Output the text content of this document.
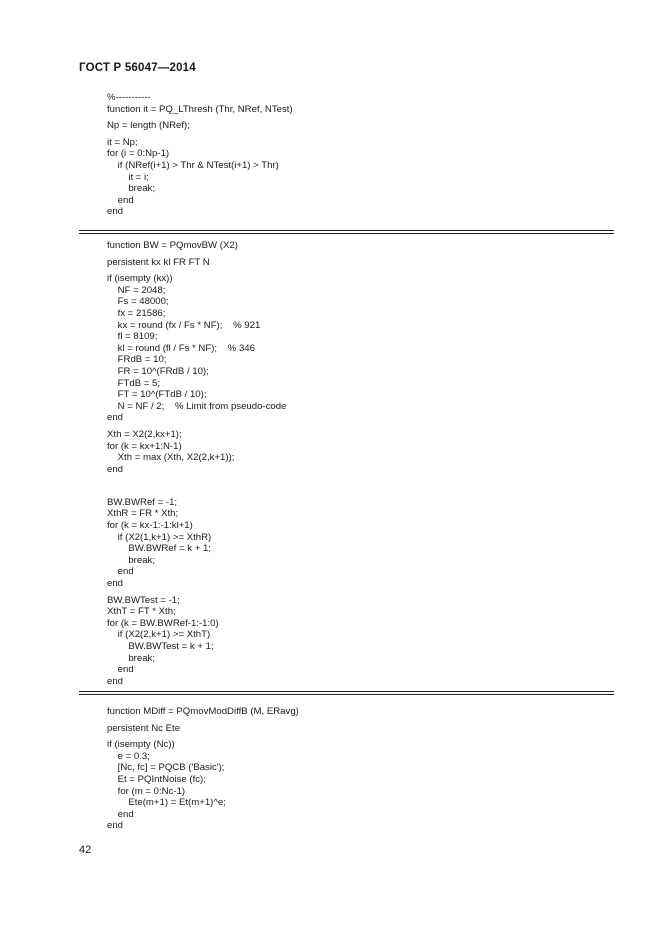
ГОСТ Р 56047—2014
%-----------
function it = PQ_LThresh (Thr, NRef, NTest)
Np = length (NRef);
it = Np;
for (i = 0:Np-1)
if (NRef(i+1) > Thr & NTest(i+1) > Thr)
it = i;
break;
end
end
function BW = PQmovBW (X2)
persistent kx kl FR FT N
if (isempty (kx))
NF = 2048;
Fs = 48000;
fx = 21586;
kx = round (fx / Fs * NF);    % 921
fl = 8109;
kl = round (fl / Fs * NF);    % 346
FRdB = 10;
FR = 10^(FRdB / 10);
FTdB = 5;
FT = 10^(FTdB / 10);
N = NF / 2;    % Limit from pseudo-code
end
Xth = X2(2,kx+1);
for (k = kx+1:N-1)
Xth = max (Xth, X2(2,k+1));
end
BW.BWRef = -1;
XthR = FR * Xth;
for (k = kx-1:-1:kl+1)
if (X2(1,k+1) >= XthR)
BW.BWRef = k + 1;
break;
end
end
BW.BWTest = -1;
XthT = FT * Xth;
for (k = BW.BWRef-1:-1:0)
if (X2(2,k+1) >= XthT)
BW.BWTest = k + 1;
break;
end
end
function MDiff = PQmovModDiffB (M, ERavg)
persistent Nc Ete
if (isempty (Nc))
e = 0.3;
[Nc, fc] = PQCB ('Basic');
Et = PQIntNoise (fc);
for (m = 0:Nc-1)
Ete(m+1) = Et(m+1)^e;
end
end
42
